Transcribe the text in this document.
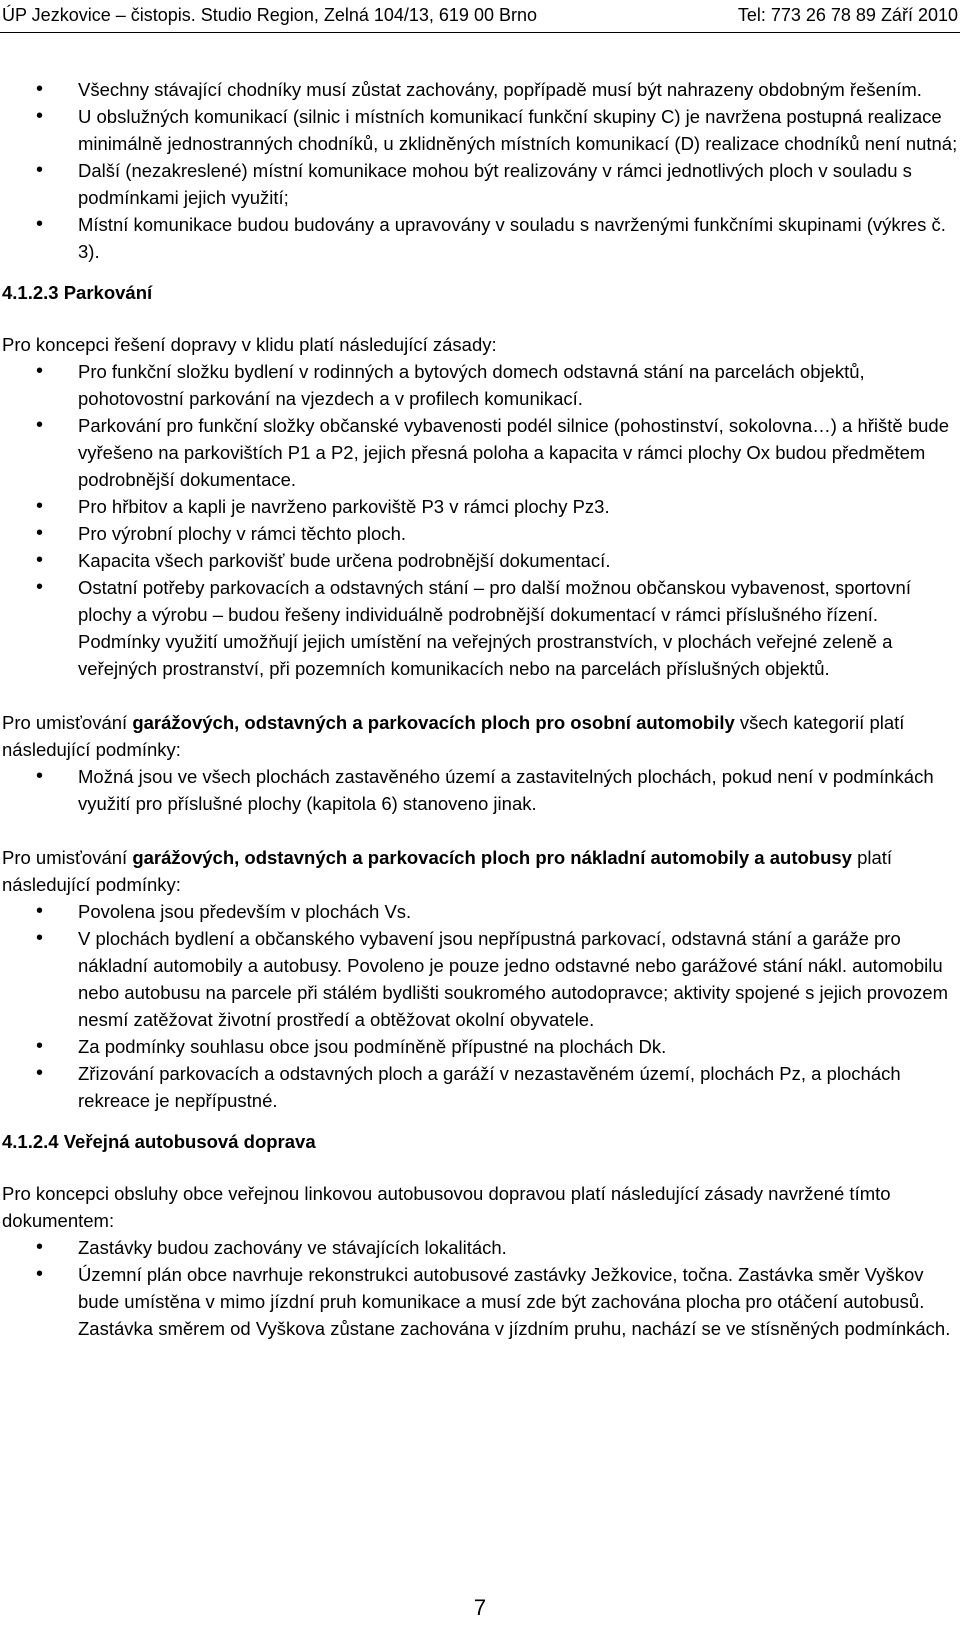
ÚP Jezkovice – čistopis. Studio Region, Zelná 104/13, 619 00 Brno	Tel: 773 26 78 89 Září 2010
• Všechny stávající chodníky musí zůstat zachovány, popřípadě musí být nahrazeny obdobným řešením.
• U obslužných komunikací (silnic i místních komunikací funkční skupiny C) je navržena postupná realizace minimálně jednostranných chodníků, u zklidněných místních komunikací (D) realizace chodníků není nutná;
• Další (nezakreslené) místní komunikace mohou být realizovány v rámci jednotlivých ploch v souladu s podmínkami jejich využití;
• Místní komunikace budou budovány a upravovány v souladu s navrženými funkčními skupinami (výkres č. 3).

4.1.2.3 Parkování

Pro koncepci řešení dopravy v klidu platí následující zásady:

• Pro funkční složku bydlení v rodinných a bytových domech odstavná stání na parcelách objektů, pohotovostní parkování na vjezdech a v profilech komunikací.
• Parkování pro funkční složky občanské vybavenosti podél silnice (pohostinství, sokolovna…) a hřiště bude vyřešeno na parkovištích P1 a P2, jejich přesná poloha a kapacita v rámci plochy Ox budou předmětem podrobnější dokumentace.
• Pro hřbitov a kapli je navrženo parkoviště P3 v rámci plochy Pz3.
• Pro výrobní plochy v rámci těchto ploch.
• Kapacita všech parkovišť bude určena podrobnější dokumentací.
• Ostatní potřeby parkovacích a odstavných stání – pro další možnou občanskou vybavenost, sportovní plochy a výrobu – budou řešeny individuálně podrobnější dokumentací v rámci příslušného řízení. Podmínky využití umožňují jejich umístění na veřejných prostranstvích, v plochách veřejné zeleně a veřejných prostranství, při pozemních komunikacích nebo na parcelách příslušných objektů.

Pro umisťování garážových, odstavných a parkovacích ploch pro osobní automobily všech kategorií platí následující podmínky:

• Možná jsou ve všech plochách zastavěného území a zastavitelných plochách, pokud není v podmínkách využití pro příslušné plochy (kapitola 6) stanoveno jinak.

Pro umisťování garážových, odstavných a parkovacích ploch pro nákladní automobily a autobusy platí následující podmínky:

• Povolena jsou především v plochách Vs.
• V plochách bydlení a občanského vybavení jsou nepřípustná parkovací, odstavná stání a garáže pro nákladní automobily a autobusy. Povoleno je pouze jedno odstavné nebo garážové stání nákl. automobilu nebo autobusu na parcele při stálém bydlišti soukromého autodopravce; aktivity spojené s jejich provozem nesmí zatěžovat životní prostředí a obtěžovat okolní obyvatele.
• Za podmínky souhlasu obce jsou podmíněně přípustné na plochách Dk.
• Zřizování parkovacích a odstavných ploch a garáží v nezastavěném území, plochách Pz, a plochách rekreace je nepřípustné.

4.1.2.4 Veřejná autobusová doprava

Pro koncepci obsluhy obce veřejnou linkovou autobusovou dopravou platí následující zásady navržené tímto dokumentem:

• Zastávky budou zachovány ve stávajících lokalitách.
• Územní plán obce navrhuje rekonstrukci autobusové zastávky Ježkovice, točna. Zastávka směr Vyškov bude umístěna v mimo jízdní pruh komunikace a musí zde být zachována plocha pro otáčení autobusů. Zastávka směrem od Vyškova zůstane zachována v jízdním pruhu, nachází se ve stísněných podmínkách.
7
